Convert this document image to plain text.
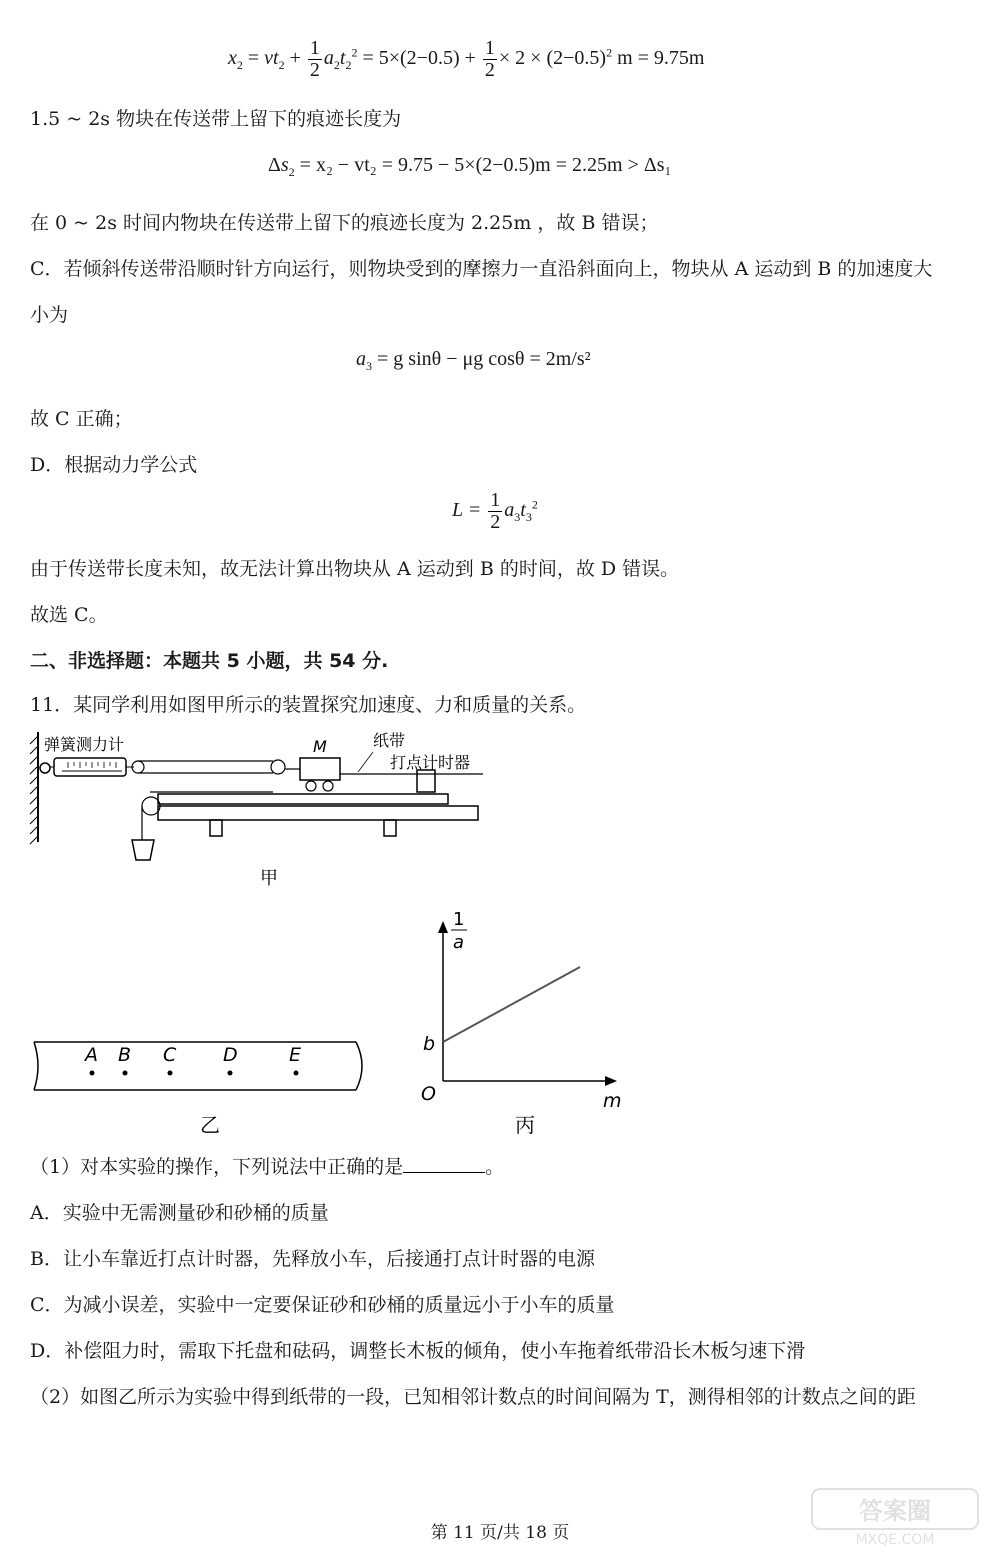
$x_2 = vt_2 + \frac{1}{2} a_2t_2^2 = 5\times(2-0.5) + \frac{1}{2} \times 2 \times (2-0.5)^2$ m = 9.75m
1.5 ~ 2s 物块在传送带上留下的痕迹长度为
$\Delta s_2 = x_2 - vt_2 = 9.75 - 5\times(2-0.5)m = 2.25m > \Delta s_1$
在 0 ~ 2s 时间内物块在传送带上留下的痕迹长度为 2.25m ，故 B 错误；
C．若倾斜传送带沿顺时针方向运行，则物块受到的摩擦力一直沿斜面向上，物块从 A 运动到 B 的加速度大
小为
$a_3 = g$ sinθ − μg cosθ = 2m/s²
故 C 正确；
D．根据动力学公式
$L = \frac{1}{2} a_3t_3^2$
由于传送带长度未知，故无法计算出物块从 A 运动到 B 的时间，故 D 错误。
故选 C。
二、非选择题：本题共 5 小题，共 54 分.
11．某同学利用如图甲所示的装置探究加速度、力和质量的关系。
弹簧测力计	M	纸带
打点计时器
甲
A B C D	E
乙
1
a
b
O	m
丙
（1）对本实验的操作，下列说法中正确的是	。
A．实验中无需测量砂和砂桶的质量
B．让小车靠近打点计时器，先释放小车，后接通打点计时器的电源
C．为减小误差，实验中一定要保证砂和砂桶的质量远小于小车的质量
D．补偿阻力时，需取下托盘和砝码，调整长木板的倾角，使小车拖着纸带沿长木板匀速下滑
（2）如图乙所示为实验中得到纸带的一段，已知相邻计数点的时间间隔为 T，测得相邻的计数点之间的距
第 11 页/共 18 页
答案圈
MXQE.COM
